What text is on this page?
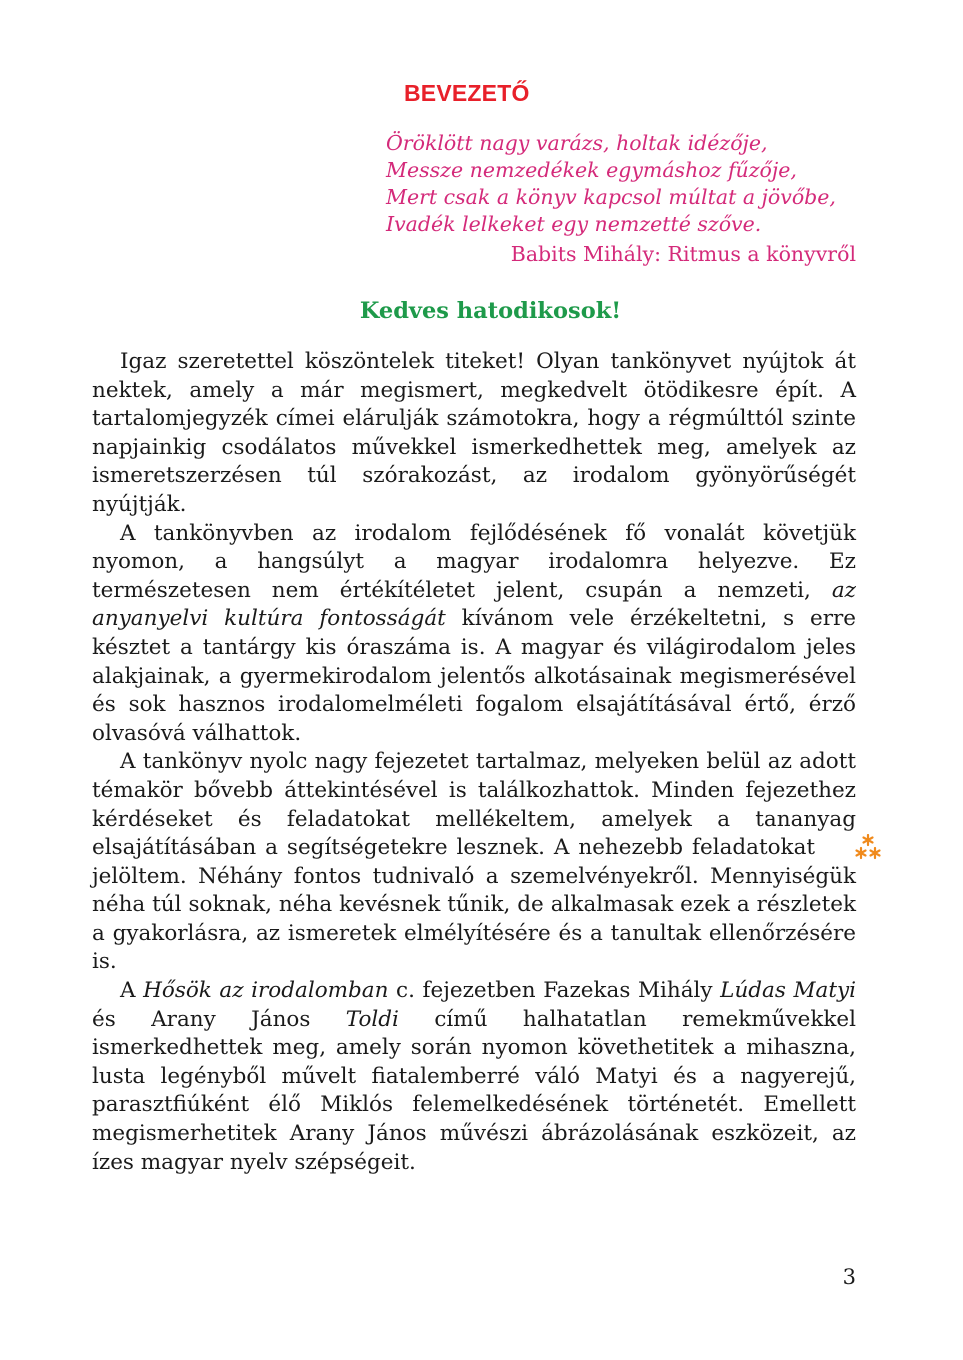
BEVEZETŐ
Öröklött nagy varázs, holtak idézője,
Messze nemzedékek egymáshoz fűzője,
Mert csak a könyv kapcsol múltat a jövőbe,
Ivadék lelkeket egy nemzetté szőve.
Babits Mihály: Ritmus a könyvről
Kedves hatodikosok!

Igaz szeretettel köszöntelek titeket! Olyan tankönyvet nyújtok át nektek, amely a már megismert, megkedvelt ötödikesre épít. A tartalomjegyzék címei elárulják számotokra, hogy a régmúlttól szinte napjainkig csodálatos művekkel ismerkedhettek meg, amelyek az ismeretszerzésen túl szórakozást, az irodalom gyönyörűségét nyújtják.

A tankönyvben az irodalom fejlődésének fő vonalát követjük nyomon, a hangsúlyt a magyar irodalomra helyezve. Ez természetesen nem értékítéletet jelent, csupán a nemzeti, az anyanyelvi kultúra fontosságát kívánom vele érzékeltetni, s erre késztet a tantárgy kis óraszáma is. A magyar és világirodalom jeles alakjainak, a gyermekirodalom jelentős alkotásainak megismerésével és sok hasznos irodalomelméleti fogalom elsajátításával értő, érző olvasóvá válhattok.

A tankönyv nyolc nagy fejezetet tartalmaz, melyeken belül az adott témakör bővebb áttekintésével is találkozhattok. Minden fejezethez kérdéseket és feladatokat mellékeltem, amelyek a tananyag elsajátításában a segítségetekre lesznek. A nehezebb feladatokat  jelöltem. Néhány fontos tudnivaló a szemelvényekről. Mennyiségük néha túl soknak, néha kevésnek tűnik, de alkalmasak ezek a részletek a gyakorlásra, az ismeretek elmélyítésére és a tanultak ellenőrzésére is.

A Hősök az irodalomban c. fejezetben Fazekas Mihály Lúdas Matyi és Arany János Toldi című halhatatlan remekművekkel ismerkedhettek meg, amely során nyomon követhetitek a mihaszna, lusta legényből művelt fiatalemberré váló Matyi és a nagyerejű, parasztfiúként élő Miklós felemelkedésének történetét. Emellett megismerhetitek Arany János művészi ábrázolásának eszközeit, az ízes magyar nyelv szépségeit.

3
